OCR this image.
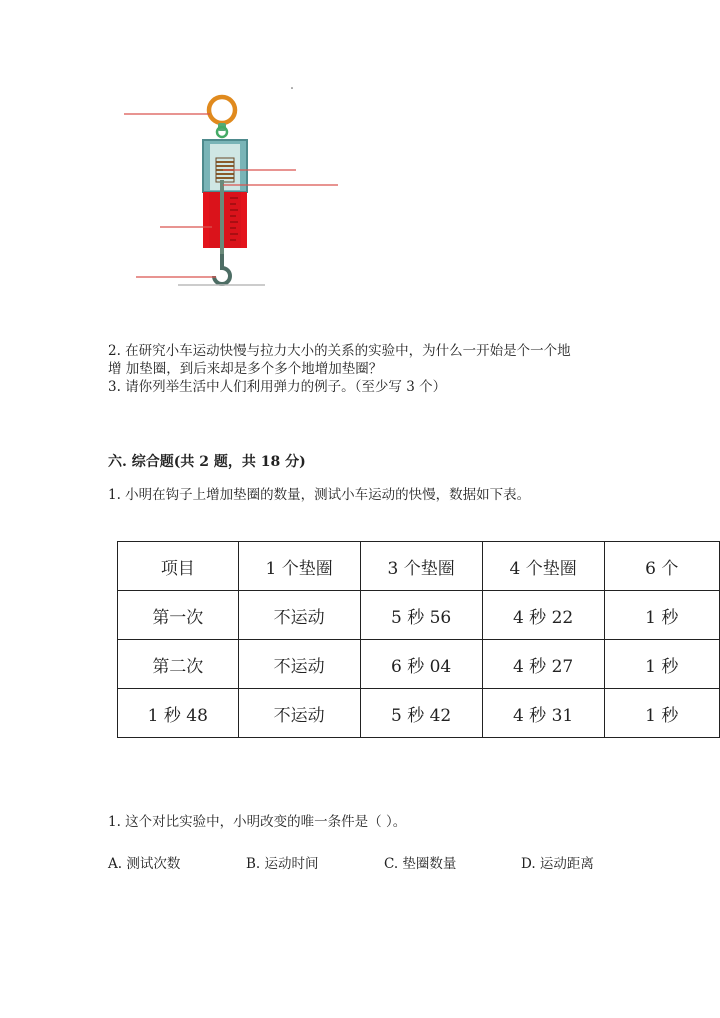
2. 在研究小车运动快慢与拉力大小的关系的实验中，为什么一开始是个一个地
增 加垫圈，到后来却是多个多个地增加垫圈？
3. 请你列举生活中人们利用弹力的例子。（至少写 3 个）
六. 综合题(共 2 题，共 18 分)
1. 小明在钩子上增加垫圈的数量，测试小车运动的快慢，数据如下表。
项目	1 个垫圈	3 个垫圈	4 个垫圈	6 个
第一次	不运动	5 秒 56	4 秒 22	1 秒
第二次	不运动	6 秒 04	4 秒 27	1 秒
1 秒 48	不运动	5 秒 42	4 秒 31	1 秒
1. 这个对比实验中，小明改变的唯一条件是（ ）。
A. 测试次数	B. 运动时间	C. 垫圈数量	D. 运动距离
